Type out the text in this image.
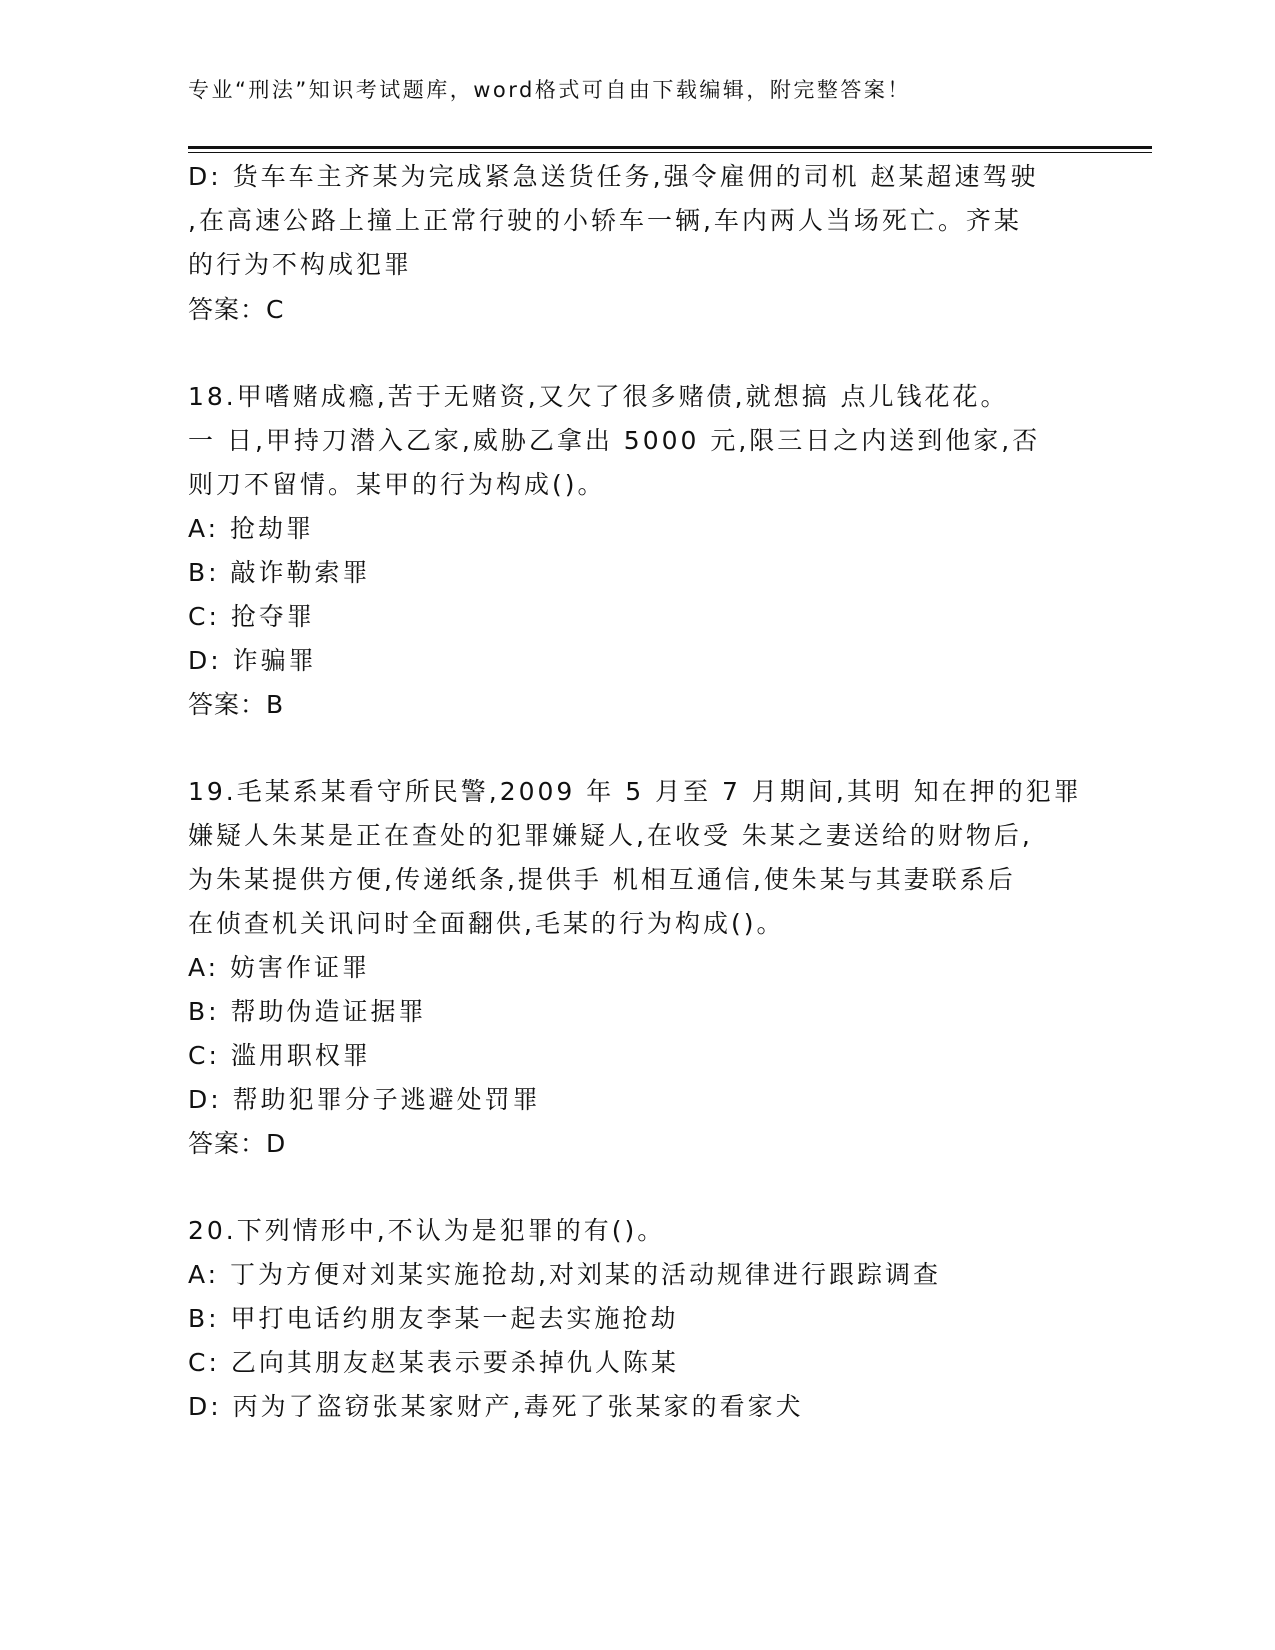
专业“刑法”知识考试题库，word格式可自由下载编辑，附完整答案！
D: 货车车主齐某为完成紧急送货任务,强令雇佣的司机 赵某超速驾驶
,在高速公路上撞上正常行驶的小轿车一辆,车内两人当场死亡。齐某
的行为不构成犯罪
答案：C
18.甲嗜赌成瘾,苦于无赌资,又欠了很多赌债,就想搞 点儿钱花花。
一 日,甲持刀潜入乙家,威胁乙拿出 5000 元,限三日之内送到他家,否
则刀不留情。某甲的行为构成()。
A: 抢劫罪
B: 敲诈勒索罪
C: 抢夺罪
D: 诈骗罪
答案：B
19.毛某系某看守所民警,2009 年 5 月至 7 月期间,其明 知在押的犯罪
嫌疑人朱某是正在查处的犯罪嫌疑人,在收受 朱某之妻送给的财物后,
为朱某提供方便,传递纸条,提供手 机相互通信,使朱某与其妻联系后
在侦查机关讯问时全面翻供,毛某的行为构成()。
A: 妨害作证罪
B: 帮助伪造证据罪
C: 滥用职权罪
D: 帮助犯罪分子逃避处罚罪
答案：D
20.下列情形中,不认为是犯罪的有()。
A: 丁为方便对刘某实施抢劫,对刘某的活动规律进行跟踪调查
B: 甲打电话约朋友李某一起去实施抢劫
C: 乙向其朋友赵某表示要杀掉仇人陈某
D: 丙为了盗窃张某家财产,毒死了张某家的看家犬
